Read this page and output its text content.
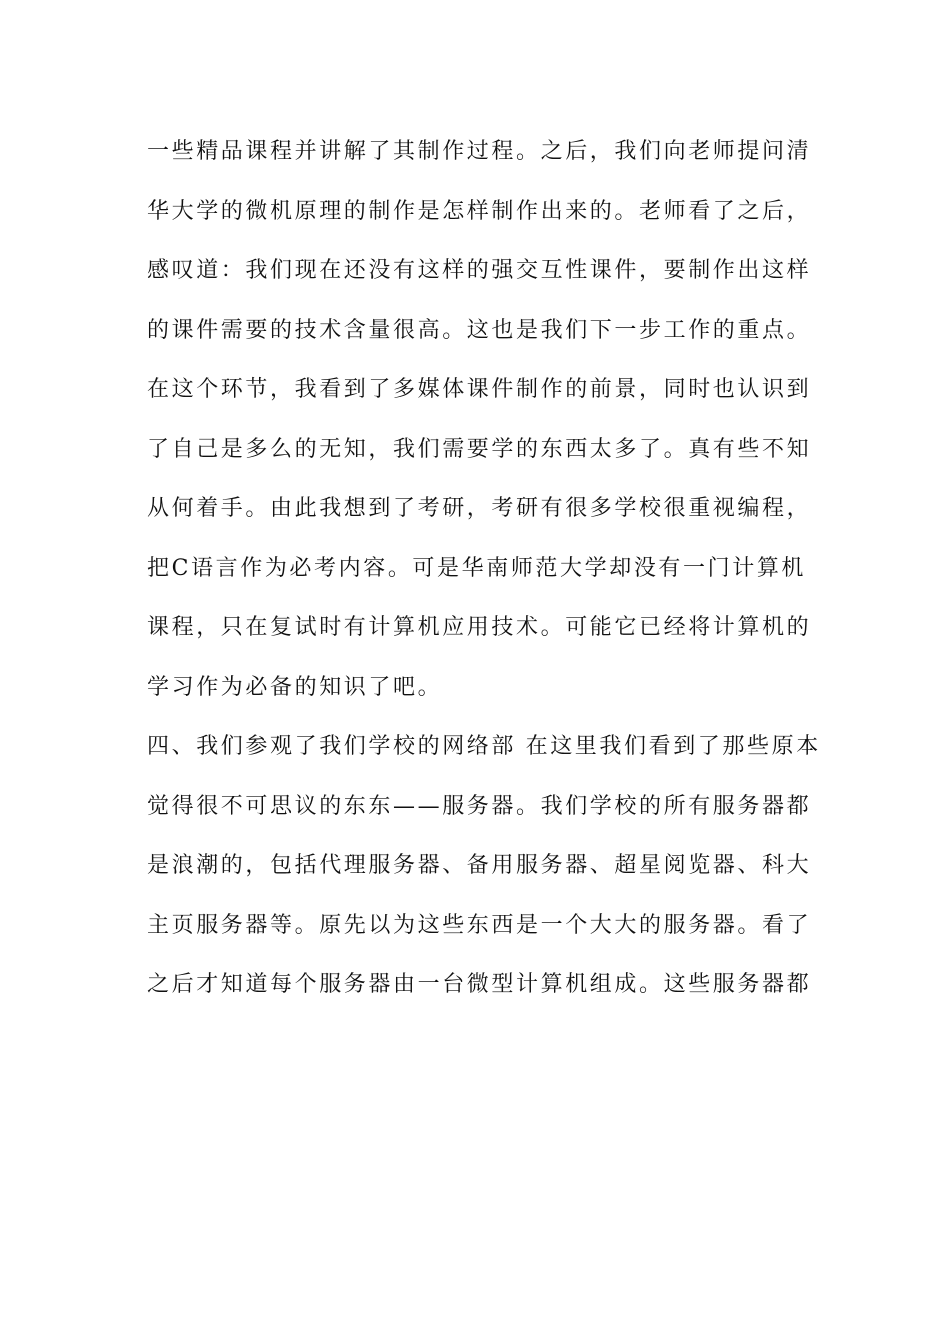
一些精品课程并讲解了其制作过程。之后，我们向老师提问清
华大学的微机原理的制作是怎样制作出来的。老师看了之后，
感叹道：我们现在还没有这样的强交互性课件，要制作出这样
的课件需要的技术含量很高。这也是我们下一步工作的重点。
在这个环节，我看到了多媒体课件制作的前景，同时也认识到
了自己是多么的无知，我们需要学的东西太多了。真有些不知
从何着手。由此我想到了考研，考研有很多学校很重视编程，
把C语言作为必考内容。可是华南师范大学却没有一门计算机
课程，只在复试时有计算机应用技术。可能它已经将计算机的
学习作为必备的知识了吧。
四、我们参观了我们学校的网络部 在这里我们看到了那些原本
觉得很不可思议的东东——服务器。我们学校的所有服务器都
是浪潮的，包括代理服务器、备用服务器、超星阅览器、科大
主页服务器等。原先以为这些东西是一个大大的服务器。看了
之后才知道每个服务器由一台微型计算机组成。这些服务器都
